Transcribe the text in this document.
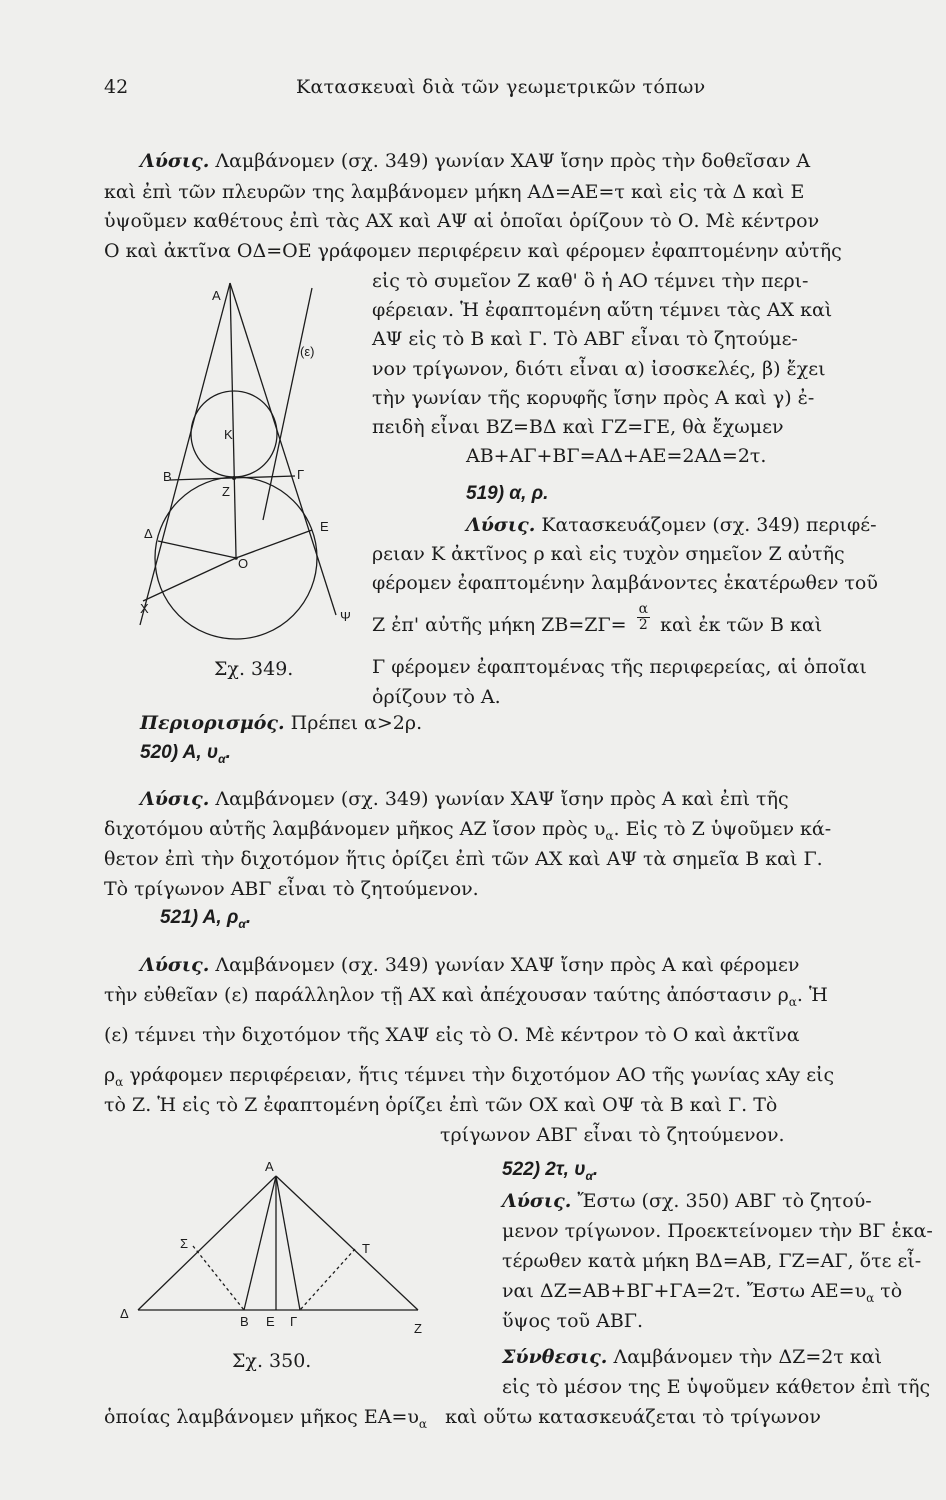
42	Κατασκευαὶ διὰ τῶν γεωμετρικῶν τόπων
Λύσις. Λαμβάνομεν (σχ. 349) γωνίαν ΧΑΨ ἴσην πρὸς τὴν δοθεῖσαν Α
καὶ ἐπὶ τῶν πλευρῶν της λαμβάνομεν μήκη ΑΔ=ΑΕ=τ καὶ εἰς τὰ Δ καὶ Ε
ὑψοῦμεν καθέτους ἐπὶ τὰς ΑΧ καὶ ΑΨ αἱ ὁποῖαι ὁρίζουν τὸ Ο. Μὲ κέντρον
Ο καὶ ἀκτῖνα ΟΔ=ΟΕ γράφομεν περιφέρειν καὶ φέρομεν ἐφαπτομένην αὐτῆς
εἰς τὸ συμεῖον Ζ καθ' ὃ ἡ ΑΟ τέμνει τὴν περι-
φέρειαν. Ἡ ἐφαπτομένη αὕτη τέμνει τὰς ΑΧ καὶ
ΑΨ εἰς τὸ Β καὶ Γ. Τὸ ΑΒΓ εἶναι τὸ ζητούμε-
νον τρίγωνον, διότι εἶναι α) ἰσοσκελές, β) ἔχει
τὴν γωνίαν τῆς κορυφῆς ἴσην πρὸς Α καὶ γ) ἐ-
πειδὴ εἶναι ΒΖ=ΒΔ καὶ ΓΖ=ΓΕ, θὰ ἔχωμεν
ΑΒ+ΑΓ+ΒΓ=ΑΔ+ΑΕ=2ΑΔ=2τ.
519) α, ρ.
Λύσις. Κατασκευάζομεν (σχ. 349) περιφέ-
ρειαν Κ ἀκτῖνος ρ καὶ εἰς τυχὸν σημεῖον Ζ αὐτῆς
φέρομεν ἐφαπτομένην λαμβάνοντες ἑκατέρωθεν τοῦ
Ζ ἐπ' αὐτῆς μήκη $ZB=Z\Gamma= \frac{\alpha}{2}$ καὶ ἐκ τῶν Β καὶ
Γ φέρομεν ἐφαπτομένας τῆς περιφερείας, αἱ ὁποῖαι
ὁρίζουν τὸ Α.
A
(ε)
K
B	Γ
Z
Δ	E
O
X
Ψ
Σχ. 349.
Περιορισμός. Πρέπει α>2ρ.
520) Α, $\upsilon_\alpha$.
Λύσις. Λαμβάνομεν (σχ. 349) γωνίαν ΧΑΨ ἴσην πρὸς Α καὶ ἐπὶ τῆς
διχοτόμου αὐτῆς λαμβάνομεν μῆκος ΑΖ ἴσον πρὸς $\upsilon_\alpha$. Εἰς τὸ Ζ ὑψοῦμεν κά-
θετον ἐπὶ τὴν διχοτόμον ἥτις ὁρίζει ἐπὶ τῶν ΑΧ καὶ ΑΨ τὰ σημεῖα Β καὶ Γ.
Τὸ τρίγωνον ΑΒΓ εἶναι τὸ ζητούμενον.
521) Α, $\rho_\alpha$.
Λύσις. Λαμβάνομεν (σχ. 349) γωνίαν ΧΑΨ ἴσην πρὸς Α καὶ φέρομεν
τὴν εὐθεῖαν (ε) παράλληλον τῇ ΑΧ καὶ ἀπέχουσαν ταύτης ἀπόστασιν $\rho_\alpha$. Ἡ
(ε) τέμνει τὴν διχοτόμον τῆς ΧΑΨ εἰς τὸ Ο. Μὲ κέντρον τὸ Ο καὶ ἀκτῖνα
$\rho_\alpha$ γράφομεν περιφέρειαν, ἥτις τέμνει τὴν διχοτόμον ΑΟ τῆς γωνίας xAy εἰς
τὸ Ζ. Ἡ εἰς τὸ Ζ ἐφαπτομένη ὁρίζει ἐπὶ τῶν ΟΧ καὶ ΟΨ τὰ Β καὶ Γ. Τὸ
τρίγωνον ΑΒΓ εἶναι τὸ ζητούμενον.
522) 2τ, $\upsilon_\alpha$.
Λύσις. Ἔστω (σχ. 350) ΑΒΓ τὸ ζητού-
μενον τρίγωνον. Προεκτείνομεν τὴν ΒΓ ἑκα-
τέρωθεν κατὰ μήκη ΒΔ=ΑΒ, ΓΖ=ΑΓ, ὅτε εἶ-
ναι ΔΖ=ΑΒ+ΒΓ+ΓΑ=2τ. Ἔστω $AE=\upsilon_\alpha$ τὸ
ὕψος τοῦ ΑΒΓ.
Σύνθεσις. Λαμβάνομεν τὴν ΔΖ=2τ καὶ
εἰς τὸ μέσον της Ε ὑψοῦμεν κάθετον ἐπὶ τῆς
ὁποίας λαμβάνομεν μῆκος $EA=\upsilon_\alpha$ καὶ οὕτω κατασκευάζεται τὸ τρίγωνον
A
Σ	T
Δ
B E Γ	Z
Σχ. 350.
